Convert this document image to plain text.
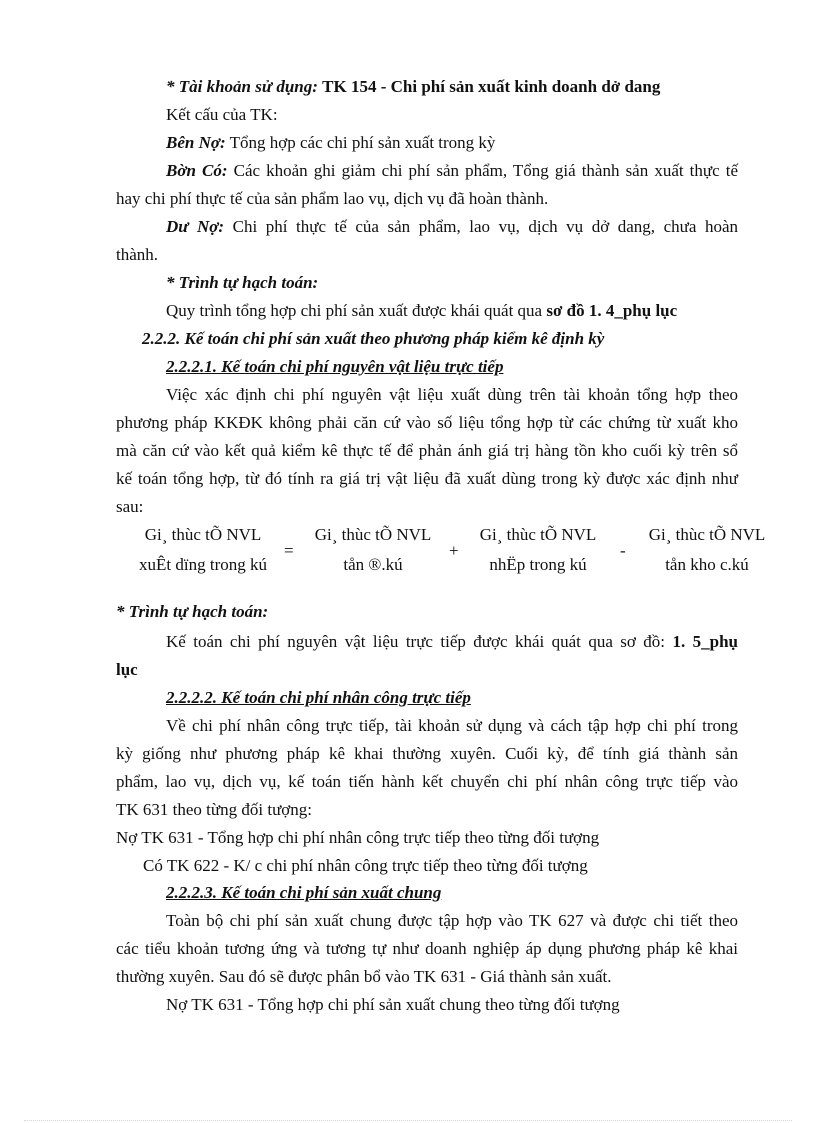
* Tài khoản sử dụng: TK 154 - Chi phí sản xuất kinh doanh dở dang
Kết cấu của TK:
Bên Nợ: Tổng hợp các chi phí sản xuất trong kỳ
Bờn Có: Các khoản ghi giảm chi phí sản phẩm, Tổng giá thành sản xuất thực tế
hay chi phí thực tế của sản phẩm lao vụ, dịch vụ đã hoàn thành.
Dư Nợ: Chi phí thực tế của sản phẩm, lao vụ, dịch vụ dở dang, chưa hoàn
thành.
* Trình tự hạch toán:
Quy trình tổng hợp chi phí sản xuất được khái quát qua sơ đồ 1. 4_phụ lục
2.2.2. Kế toán chi phí sản xuất theo phương pháp kiểm kê định kỳ
2.2.2.1. Kế toán chi phí nguyên vật liệu trực tiếp
Việc xác định chi phí nguyên vật liệu xuất dùng trên tài khoản tổng hợp theo
phương pháp KKĐK không phải căn cứ vào số liệu tổng hợp từ các chứng từ xuất kho
mà căn cứ vào kết quả kiểm kê thực tế để phản ánh giá trị hàng tồn kho cuối kỳ trên sổ
kế toán tổng hợp, từ đó tính ra giá trị vật liệu đã xuất dùng trong kỳ được xác định như
sau:
Gi¸ thùc tÕ NVL
xuÊt dïng trong kú
=
Gi¸ thùc tÕ NVL
tån ®.kú
+
Gi¸ thùc tÕ NVL
nhËp trong kú
-
Gi¸ thùc tÕ NVL
tån kho c.kú
* Trình tự hạch toán:
Kế toán chi phí nguyên vật liệu trực tiếp được khái quát qua sơ đồ: 1. 5_phụ
lục
2.2.2.2. Kế toán chi phí nhân công trực tiếp
Về chi phí nhân công trực tiếp, tài khoản sử dụng và cách tập hợp chi phí trong
kỳ giống như phương pháp kê khai thường xuyên. Cuối kỳ, để tính giá thành sản
phẩm, lao vụ, dịch vụ, kế toán tiến hành kết chuyển chi phí nhân công trực tiếp vào
TK 631 theo từng đối tượng:
Nợ TK 631 - Tổng hợp chi phí nhân công trực tiếp theo từng đối tượng
Có TK 622 - K/ c chi phí nhân công trực tiếp theo từng đối tượng
2.2.2.3. Kế toán chi phí sản xuất chung
Toàn bộ chi phí sản xuất chung được tập hợp vào TK 627 và được chi tiết theo
các tiểu khoản tương ứng và tương tự như doanh nghiệp áp dụng phương pháp kê khai
thường xuyên. Sau đó sẽ được phân bổ vào TK 631 - Giá thành sản xuất.
Nợ TK 631 - Tổng hợp chi phí sản xuất chung theo từng đối tượng
